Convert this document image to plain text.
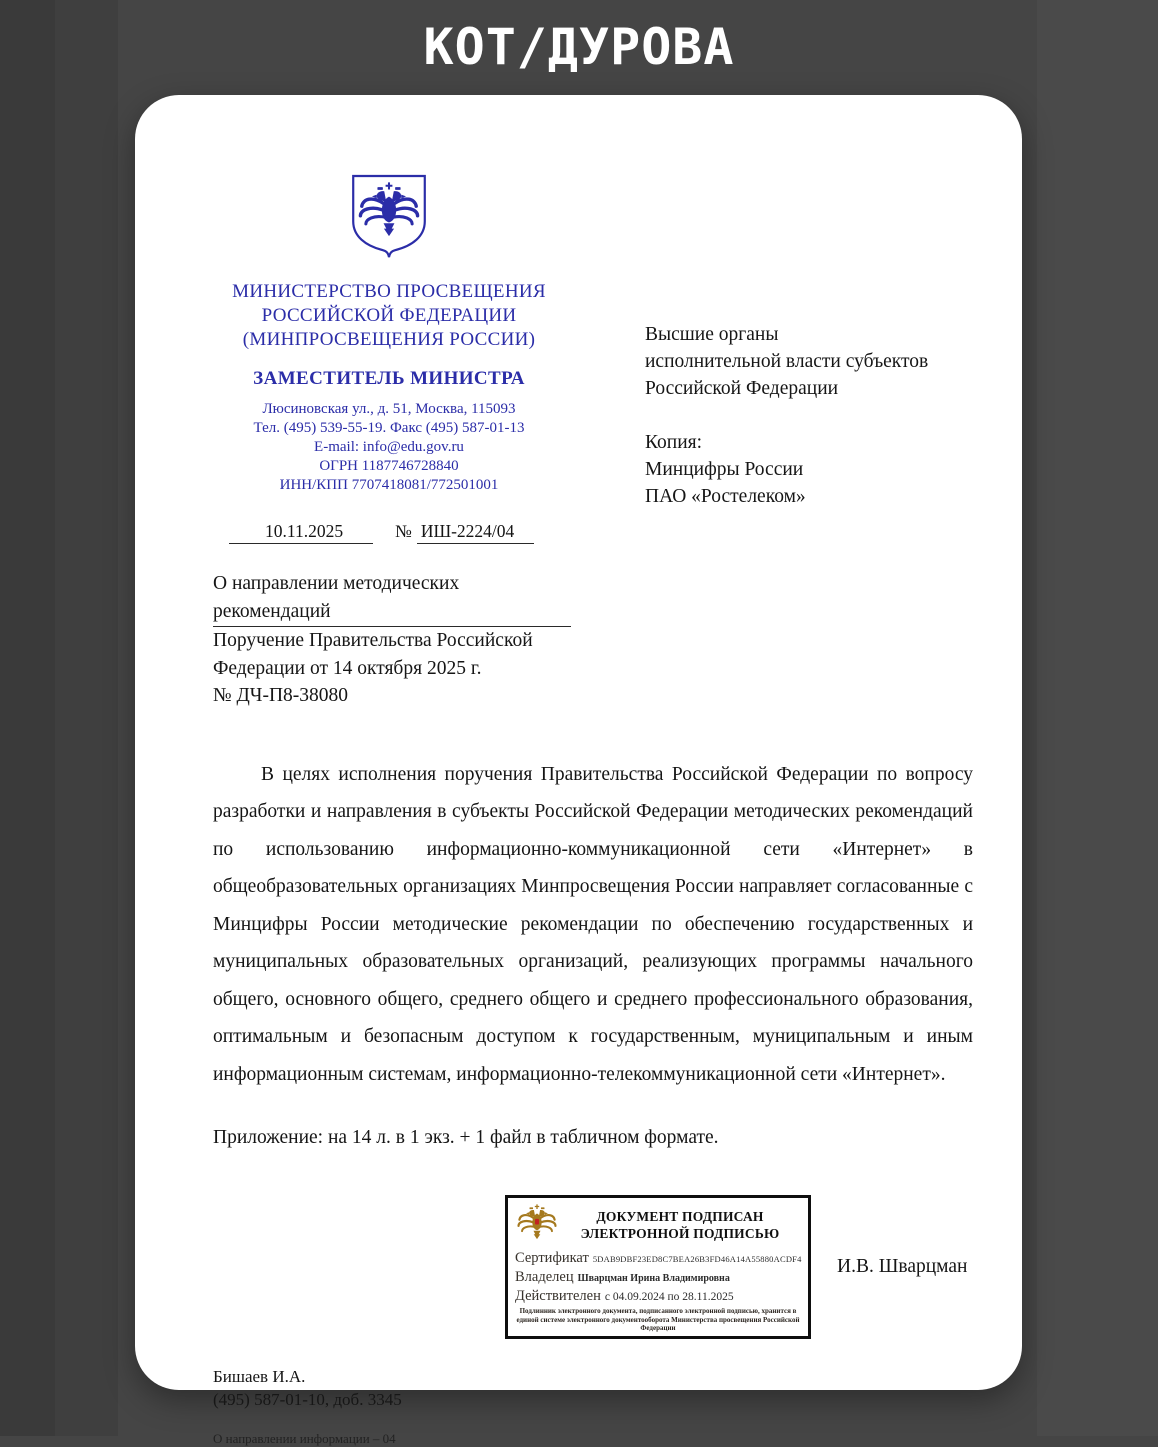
КОТ/ДУРОВА
МИНИСТЕРСТВО ПРОСВЕЩЕНИЯ
РОССИЙСКОЙ ФЕДЕРАЦИИ
(МИНПРОСВЕЩЕНИЯ РОССИИ)
ЗАМЕСТИТЕЛЬ МИНИСТРА
Люсиновская ул., д. 51, Москва, 115093
Тел. (495) 539-55-19. Факс (495) 587-01-13
E-mail: info@edu.gov.ru
ОГРН 1187746728840
ИНН/КПП 7707418081/772501001
10.11.2025	№ ИШ-2224/04
О направлении методических
рекомендаций
Поручение Правительства Российской
Федерации от 14 октября 2025 г.
№ ДЧ-П8-38080
Высшие органы
исполнительной власти субъектов
Российской Федерации
Копия:
Минцифры России
ПАО «Ростелеком»
В целях исполнения поручения Правительства Российской Федерации по вопросу разработки и направления в субъекты Российской Федерации методических рекомендаций по использованию информационно-коммуникационной сети «Интернет» в общеобразовательных организациях Минпросвещения России направляет согласованные с Минцифры России методические рекомендации по обеспечению государственных и муниципальных образовательных организаций, реализующих программы начального общего, основного общего, среднего общего и среднего профессионального образования, оптимальным и безопасным доступом к государственным, муниципальным и иным информационным системам, информационно-телекоммуникационной сети «Интернет».
Приложение: на 14 л. в 1 экз. + 1 файл в табличном формате.
ДОКУМЕНТ ПОДПИСАН
ЭЛЕКТРОННОЙ ПОДПИСЬЮ
Сертификат 5DAB9DBF23ED8C7BEA26B3FD46A14A55880ACDF4
Владелец Шварцман Ирина Владимировна
Действителен с 04.09.2024 по 28.11.2025
Подлинник электронного документа, подписанного электронной подписью, хранится в единой системе электронного документооборота Министерства просвещения Российской Федерации
И.В. Шварцман
Бишаев И.А.
(495) 587-01-10, доб. 3345
О направлении информации – 04
